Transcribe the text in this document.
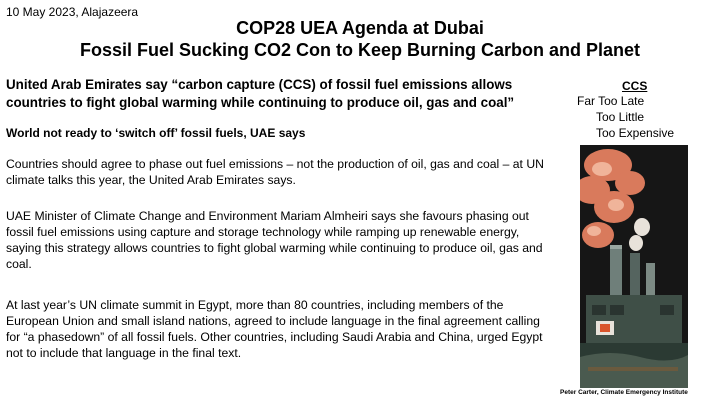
10 May 2023, Alajazeera
COP28 UEA Agenda at Dubai
Fossil Fuel Sucking CO2 Con to Keep Burning Carbon and Planet
United Arab Emirates say “carbon capture (CCS) of fossil fuel emissions allows countries to fight global warming while continuing to produce oil, gas and coal”
World not ready to ‘switch off’ fossil fuels, UAE says
Countries should agree to phase out fuel emissions – not the production of oil, gas and coal – at UN climate talks this year, the United Arab Emirates says.
UAE Minister of Climate Change and Environment Mariam Almheiri says she favours phasing out fossil fuel emissions using capture and storage technology while ramping up renewable energy, saying this strategy allows countries to fight global warming while continuing to produce oil, gas and coal.
At last year’s UN climate summit in Egypt, more than 80 countries, including members of the European Union and small island nations, agreed to include language in the final agreement calling for “a phasedown” of all fossil fuels. Other countries, including Saudi Arabia and China, urged Egypt not to include that language in the final text.
CCS
Far Too Late
Too Little
Too Expensive
Peter Carter, Climate Emergency Institute
